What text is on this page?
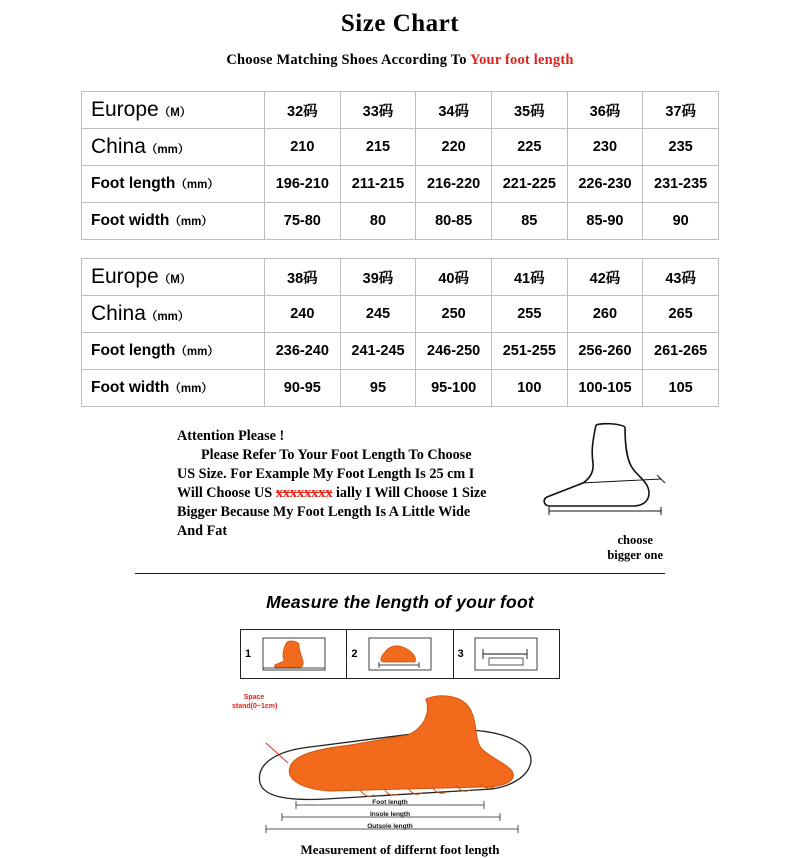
Size Chart
Choose Matching Shoes According To Your foot length
Europe（M）	32码	33码	34码	35码	36码	37码
China（mm）	210	215	220	225	230	235
Foot length（mm）	196-210	211-215	216-220	221-225	226-230	231-235
Foot width（mm）	75-80	80	80-85	85	85-90	90
Europe（M）	38码	39码	40码	41码	42码	43码
China（mm）	240	245	250	255	260	265
Foot length（mm）	236-240	241-245	246-250	251-255	256-260	261-265
Foot width（mm）	90-95	95	95-100	100	100-105	105
Attention Please !
Please Refer To Your Foot Length To Choose
US Size. For Example My Foot Length Is 25 cm I
Will Choose US xxxxxxxx ially I Will Choose 1 Size
Bigger Because My Foot Length Is A Little Wide
And Fat
choose
bigger one
Measure the length of your foot
1	2	3
Space
stand(0~1cm)
Foot length
Insole length
Outsole length
Measurement of differnt foot length
